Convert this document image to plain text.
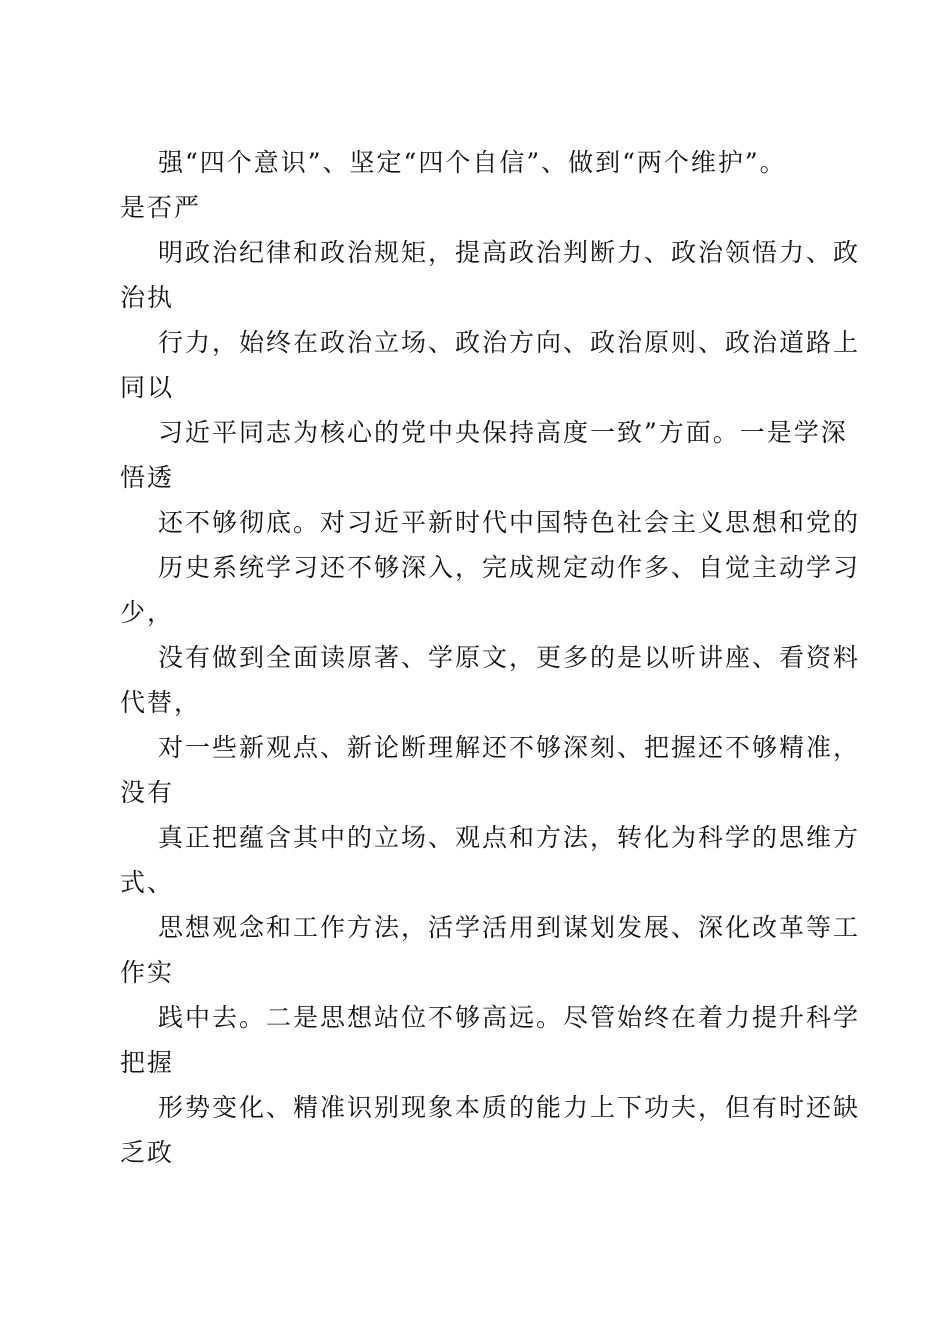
强“四个意识”、坚定“四个自信”、做到“两个维护”。
是否严

明政治纪律和政治规矩，提高政治判断力、政治领悟力、政
治执

行力，始终在政治立场、政治方向、政治原则、政治道路上
同以

习近平同志为核心的党中央保持高度一致”方面。一是学深
悟透

还不够彻底。对习近平新时代中国特色社会主义思想和党的

历史系统学习还不够深入，完成规定动作多、自觉主动学习
少，

没有做到全面读原著、学原文，更多的是以听讲座、看资料
代替，

对一些新观点、新论断理解还不够深刻、把握还不够精准，
没有

真正把蕴含其中的立场、观点和方法，转化为科学的思维方
式、

思想观念和工作方法，活学活用到谋划发展、深化改革等工
作实

践中去。二是思想站位不够高远。尽管始终在着力提升科学
把握

形势变化、精准识别现象本质的能力上下功夫，但有时还缺
乏政
